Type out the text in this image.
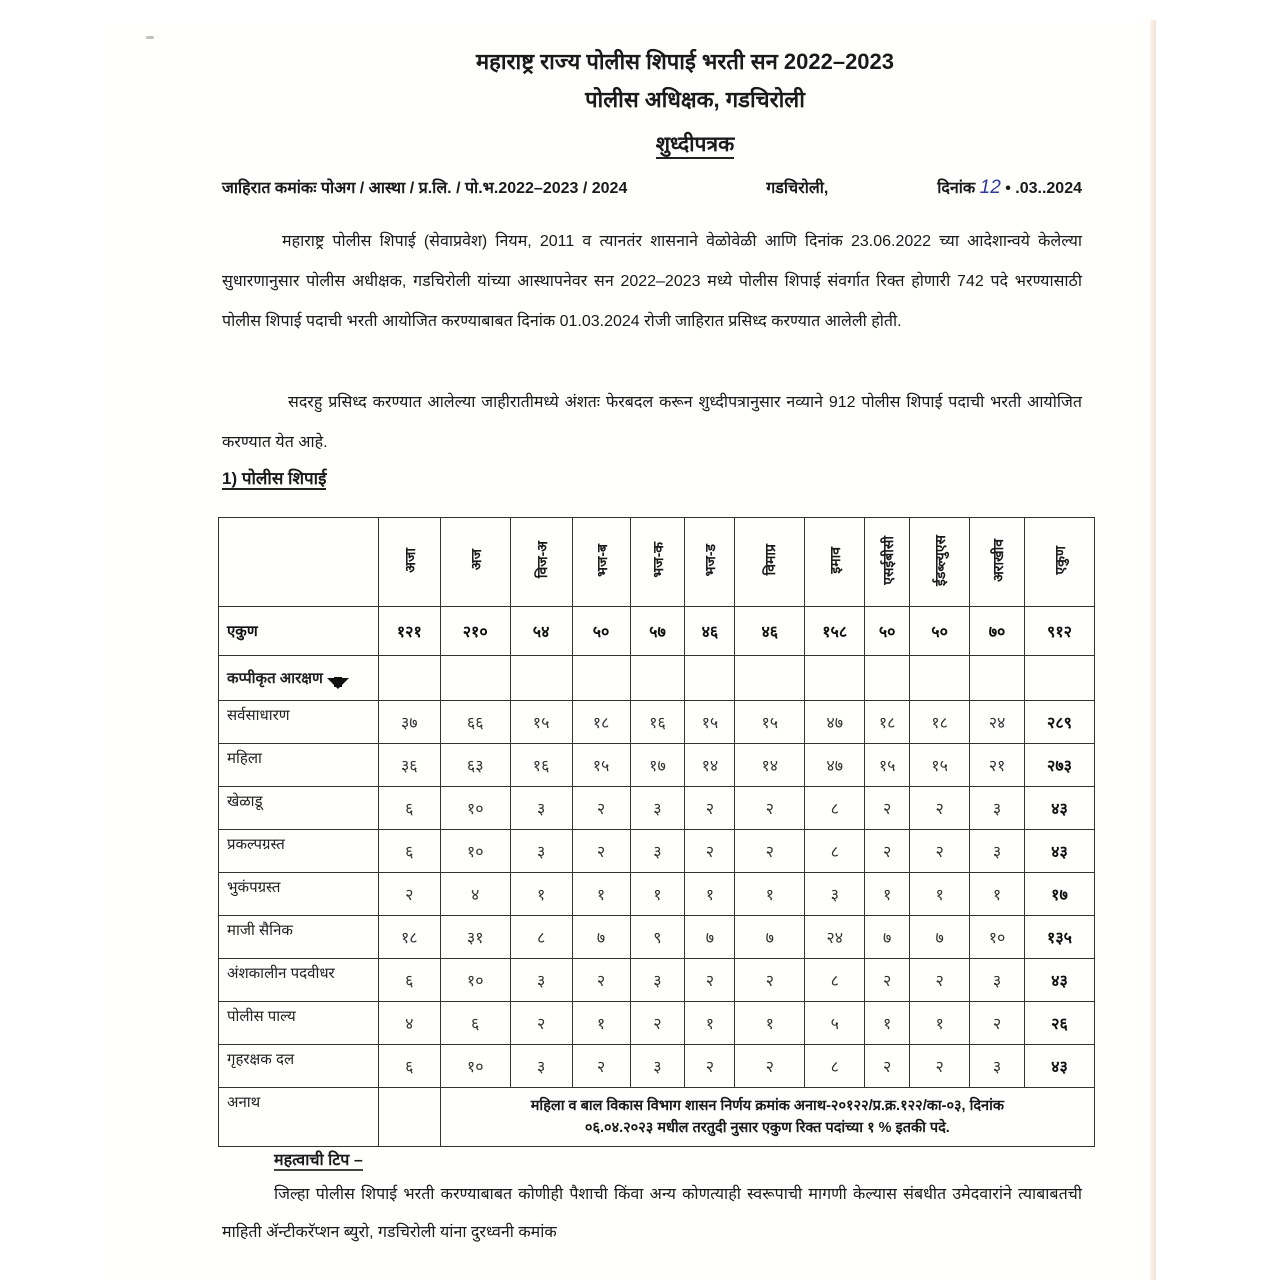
महाराष्ट्र राज्य पोलीस शिपाई भरती सन 2022–2023
पोलीस अधिक्षक, गडचिरोली
शुध्दीपत्रक
जाहिरात कमांकः पोअग / आस्था / प्र.लि. / पो.भ.2022–2023 / 2024	गडचिरोली,	दिनांक 12 • .03..2024
महाराष्ट्र पोलीस शिपाई (सेवाप्रवेश) नियम, 2011 व त्यानतंर शासनाने वेळोवेळी आणि दिनांक 23.06.2022 च्या आदेशान्वये केलेल्या सुधारणानुसार पोलीस अधीक्षक, गडचिरोली यांच्या आस्थापनेवर सन 2022–2023 मध्ये पोलीस शिपाई संवर्गात रिक्त होणारी 742 पदे भरण्यासाठी पोलीस शिपाई पदाची भरती आयोजित करण्याबाबत दिनांक 01.03.2024 रोजी जाहिरात प्रसिध्द करण्यात आलेली होती.
सदरहु प्रसिध्द करण्यात आलेल्या जाहीरातीमध्ये अंशतः फेरबदल करून शुध्दीपत्रानुसार नव्याने 912 पोलीस शिपाई पदाची भरती आयोजित करण्यात येत आहे.
1) पोलीस शिपाई
	अजा	अज	विज-अ	भज-ब	भज-क	भज-ड	विमाप्र	इमाव	एसईबीसी	ईडब्ल्युएस	अराखीव	एकुण
एकुण	१२१	२१०	५४	५०	५७	४६	४६	१५८	५०	५०	७०	९१२
कप्पीकृत आरक्षण												
सर्वसाधारण	३७	६६	१५	१८	१६	१५	१५	४७	१८	१८	२४	२८९
महिला	३६	६३	१६	१५	१७	१४	१४	४७	१५	१५	२१	२७३
खेळाडू	६	१०	३	२	३	२	२	८	२	२	३	४३
प्रकल्पग्रस्त	६	१०	३	२	३	२	२	८	२	२	३	४३
भुकंपग्रस्त	२	४	१	१	१	१	१	३	१	१	१	१७
माजी सैनिक	१८	३१	८	७	९	७	७	२४	७	७	१०	१३५
अंशकालीन पदवीधर	६	१०	३	२	३	२	२	८	२	२	३	४३
पोलीस पाल्य	४	६	२	१	२	१	१	५	१	१	२	२६
गृहरक्षक दल	६	१०	३	२	३	२	२	८	२	२	३	४३
अनाथ		महिला व बाल विकास विभाग शासन निर्णय क्रमांक अनाथ-२०१२२/प्र.क्र.१२२/का-०३, दिनांक
०६.०४.२०२३ मधील तरतुदी नुसार एकुण रिक्त पदांच्या १ % इतकी पदे.										
महत्वाची टिप –
जिल्हा पोलीस शिपाई भरती करण्याबाबत कोणीही पैशाची किंवा अन्य कोणत्याही स्वरूपाची मागणी केल्यास संबधीत उमेदवारांने त्याबाबतची माहिती ॲन्टीकरॅप्शन ब्युरो, गडचिरोली यांना दुरध्वनी कमांक
